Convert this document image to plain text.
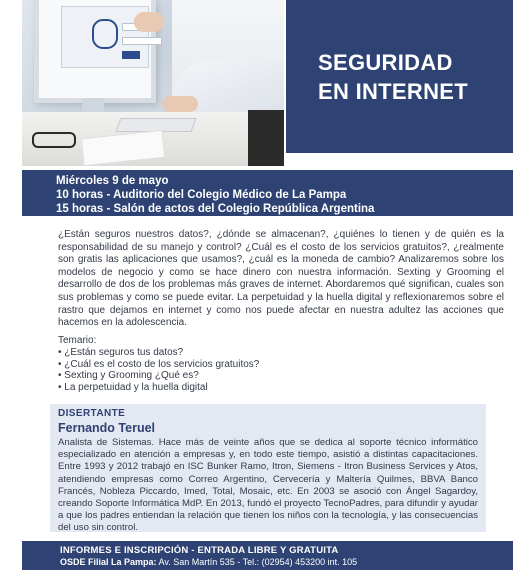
SEGURIDAD
EN INTERNET
Miércoles 9 de mayo
10 horas - Auditorio del Colegio Médico de La Pampa
15 horas - Salón de actos del Colegio República Argentina
¿Están seguros nuestros datos?, ¿dónde se almacenan?, ¿quiénes lo tienen y de quién es la responsabilidad de su manejo y control? ¿Cuál es el costo de los servicios gratuitos?, ¿realmente son gratis las aplicaciones que usamos?, ¿cuál es la moneda de cambio? Analizaremos sobre los modelos de negocio y como se hace dinero con nuestra información. Sexting y Grooming el desarrollo de dos de los problemas más graves de internet. Abordaremos qué significan, cuales son sus problemas y como se puede evitar. La perpetuidad y la huella digital y reflexionaremos sobre el rastro que dejamos en internet y como nos puede afectar en nuestra adultez las acciones que hacemos en la adolescencia.
Temario:
• ¿Están seguros tus datos?
• ¿Cuál es el costo de los servicios gratuitos?
• Sexting y Grooming ¿Qué es?
• La perpetuidad y la huella digital
DISERTANTE
Fernando Teruel
Analista de Sistemas. Hace más de veinte años que se dedica al soporte técnico informático especializado en atención a empresas y, en todo este tiempo, asistió a distintas capacitaciones. Entre 1993 y 2012 trabajó en ISC Bunker Ramo, Itron, Siemens - Itron Business Services y Atos, atendiendo empresas como Correo Argentino, Cervecería y Maltería Quilmes, BBVA Banco Francés, Nobleza Piccardo, Imed, Total, Mosaic, etc. En 2003 se asoció con Ángel Sagardoy, creando Soporte Informática MdP. En 2013, fundó el proyecto TecnoPadres, para difundir y ayudar a que los padres entiendan la relación que tienen los niños con la tecnología, y las consecuencias del uso sin control.
INFORMES E INSCRIPCIÓN - ENTRADA LIBRE Y GRATUITA
OSDE Filial La Pampa: Av. San Martín 535 - Tel.: (02954) 453200 int. 105
